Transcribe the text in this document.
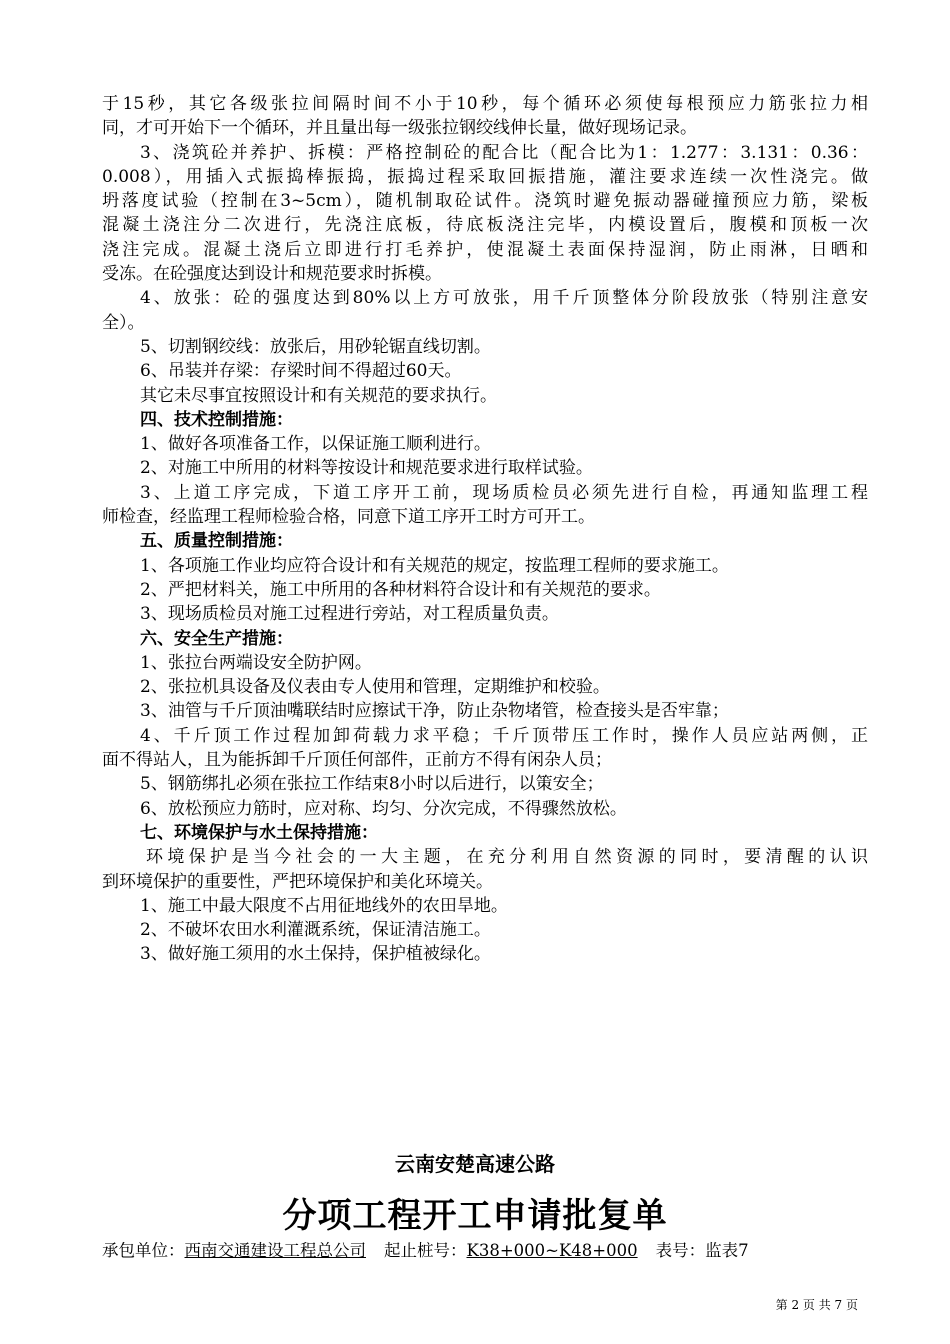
于15秒，其它各级张拉间隔时间不小于10秒，每个循环必须使每根预应力筋张拉力相
同，才可开始下一个循环，并且量出每一级张拉钢绞线伸长量，做好现场记录。
3、浇筑砼并养护、拆模：严格控制砼的配合比（配合比为1：1.277：3.131：0.36：
0.008），用插入式振捣棒振捣，振捣过程采取回振措施，灌注要求连续一次性浇完。做
坍落度试验（控制在3~5cm），随机制取砼试件。浇筑时避免振动器碰撞预应力筋，梁板
混凝土浇注分二次进行，先浇注底板，待底板浇注完毕，内模设置后，腹模和顶板一次
浇注完成。混凝土浇后立即进行打毛养护，使混凝土表面保持湿润，防止雨淋，日晒和
受冻。在砼强度达到设计和规范要求时拆模。
4、放张：砼的强度达到80%以上方可放张，用千斤顶整体分阶段放张（特别注意安
全）。
5、切割钢绞线：放张后，用砂轮锯直线切割。
6、吊装并存梁：存梁时间不得超过60天。
其它未尽事宜按照设计和有关规范的要求执行。
四、技术控制措施：
1、做好各项准备工作，以保证施工顺利进行。
2、对施工中所用的材料等按设计和规范要求进行取样试验。
3、上道工序完成，下道工序开工前，现场质检员必须先进行自检，再通知监理工程
师检查，经监理工程师检验合格，同意下道工序开工时方可开工。
五、质量控制措施：
1、各项施工作业均应符合设计和有关规范的规定，按监理工程师的要求施工。
2、严把材料关，施工中所用的各种材料符合设计和有关规范的要求。
3、现场质检员对施工过程进行旁站，对工程质量负责。
六、安全生产措施：
1、张拉台两端设安全防护网。
2、张拉机具设备及仪表由专人使用和管理，定期维护和校验。
3、油管与千斤顶油嘴联结时应擦试干净，防止杂物堵管，检查接头是否牢靠；
4、千斤顶工作过程加卸荷载力求平稳；千斤顶带压工作时，操作人员应站两侧，正
面不得站人，且为能拆卸千斤顶任何部件，正前方不得有闲杂人员；
5、钢筋绑扎必须在张拉工作结束8小时以后进行，以策安全；
6、放松预应力筋时，应对称、均匀、分次完成，不得骤然放松。
七、环境保护与水土保持措施：
环境保护是当今社会的一大主题，在充分利用自然资源的同时，要清醒的认识
到环境保护的重要性，严把环境保护和美化环境关。
1、施工中最大限度不占用征地线外的农田旱地。
2、不破坏农田水利灌溉系统，保证清洁施工。
3、做好施工须用的水土保持，保护植被绿化。
云南安楚高速公路
分项工程开工申请批复单
承包单位：西南交通建设工程总公司 起止桩号：K38+000~K48+000 表号：监表7
第 2 页 共 7 页
